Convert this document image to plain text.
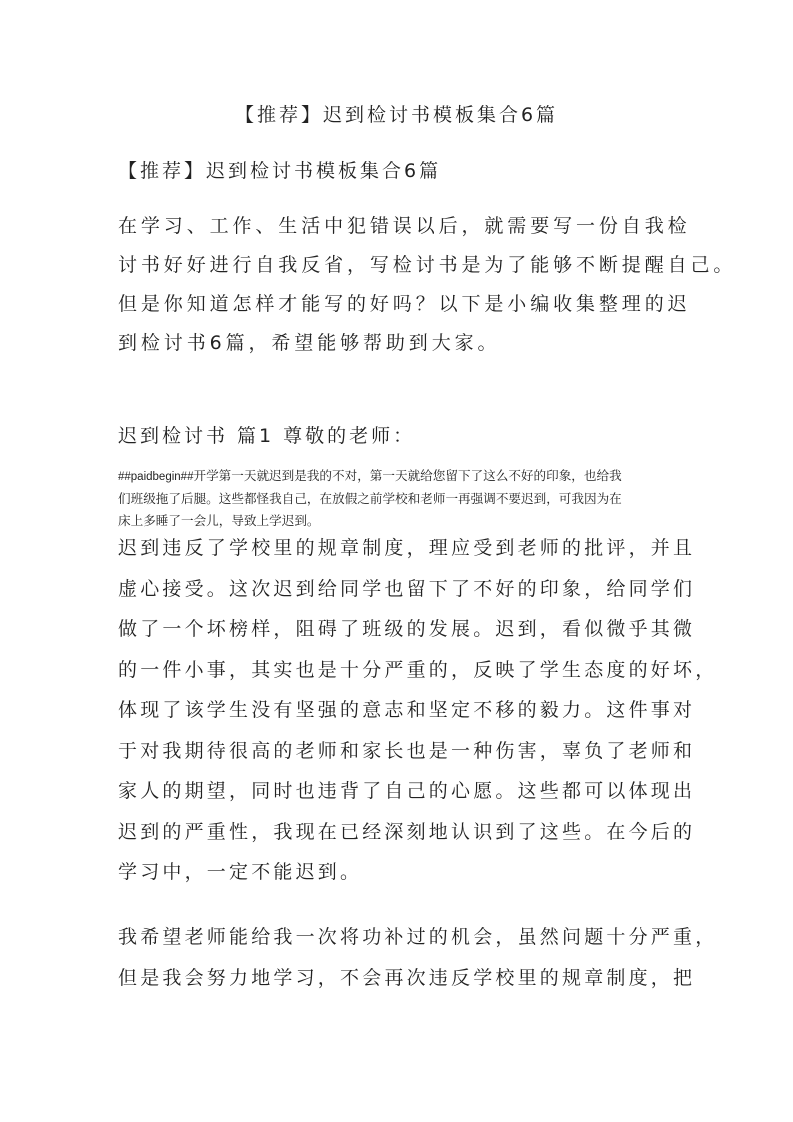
【推荐】迟到检讨书模板集合6篇
【推荐】迟到检讨书模板集合6篇
在学习、工作、生活中犯错误以后，就需要写一份自我检
讨书好好进行自我反省，写检讨书是为了能够不断提醒自己。
但是你知道怎样才能写的好吗？以下是小编收集整理的迟
到检讨书6篇，希望能够帮助到大家。
迟到检讨书 篇1 尊敬的老师：
##paidbegin##开学第一天就迟到是我的不对，第一天就给您留下了这么不好的印象，也给我
们班级拖了后腿。这些都怪我自己，在放假之前学校和老师一再强调不要迟到，可我因为在
床上多睡了一会儿，导致上学迟到。
迟到违反了学校里的规章制度，理应受到老师的批评，并且
虚心接受。这次迟到给同学也留下了不好的印象，给同学们
做了一个坏榜样，阻碍了班级的发展。迟到，看似微乎其微
的一件小事，其实也是十分严重的，反映了学生态度的好坏，
体现了该学生没有坚强的意志和坚定不移的毅力。这件事对
于对我期待很高的老师和家长也是一种伤害，辜负了老师和
家人的期望，同时也违背了自己的心愿。这些都可以体现出
迟到的严重性，我现在已经深刻地认识到了这些。在今后的
学习中，一定不能迟到。
我希望老师能给我一次将功补过的机会，虽然问题十分严重，
但是我会努力地学习，不会再次违反学校里的规章制度，把
